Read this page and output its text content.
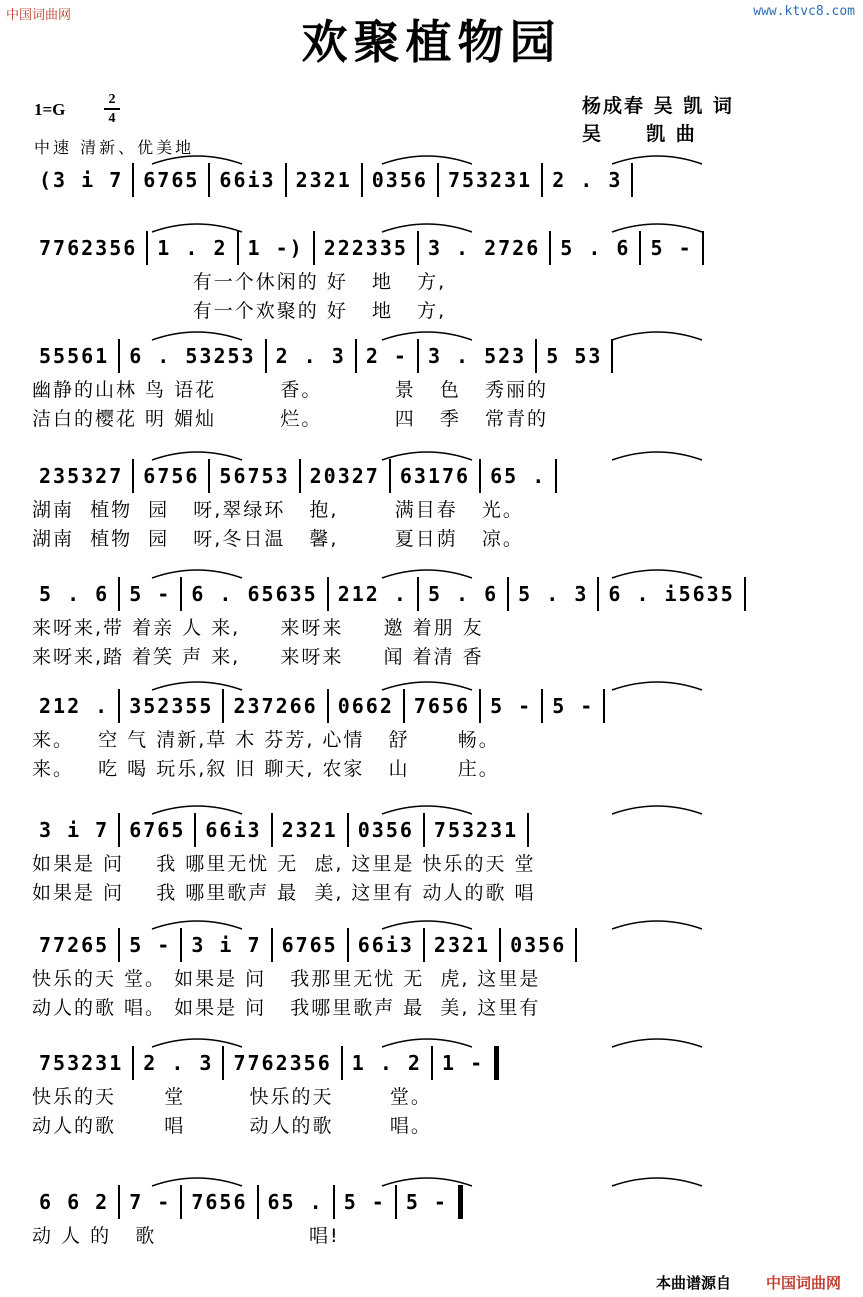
中国词曲网	www.ktvc8.com
欢聚植物园
1=G
2
4
中速 清新、优美地
杨成春 吴 凯 词
吴     凯 曲
(3 i 7	6765	66i3	2321	0356	753231	2 . 3
7762356	1 . 2	1 -)	222335	3 . 2726	5 . 6	5 -
有一个休闲的 好   地   方,
有一个欢聚的 好   地   方,
55561	6 . 53253	2 . 3	2 -	3 . 523	5 53
幽静的山林 鸟 语花        香。         景   色   秀丽的
洁白的樱花 明 媚灿        烂。         四   季   常青的
235327	6756	56753	20327	63176	65 .
湖南  植物  园   呀,翠绿环   抱,       满目春   光。
湖南  植物  园   呀,冬日温   馨,       夏日荫   凉。
5 . 6	5 -	6 . 65635	212 .	5 . 6	5 . 3	6 . i5635
来呀来,带 着亲 人 来,     来呀来     邀 着朋 友
来呀来,踏 着笑 声 来,     来呀来     闻 着清 香
212 .	352355	237266	0662	7656	5 -	5 -
来。   空 气 清新,草 木 芬芳, 心情   舒      畅。
来。   吃 喝 玩乐,叙 旧 聊天, 农家   山      庄。
3 i 7	6765	66i3	2321	0356	753231
如果是 问    我 哪里无忧 无  虑, 这里是 快乐的天 堂
如果是 问    我 哪里歌声 最  美, 这里有 动人的歌 唱
77265	5 -	3 i 7	6765	66i3	2321	0356
快乐的天 堂。 如果是 问   我那里无忧 无  虎, 这里是
动人的歌 唱。 如果是 问   我哪里歌声 最  美, 这里有
753231	2 . 3	7762356	1 . 2	1 -
快乐的天      堂        快乐的天       堂。
动人的歌      唱        动人的歌       唱。
6 6 2	7 -	7656	65 .	5 -	5 -
动 人 的   歌                   唱!
本曲谱源自 中国词曲网
